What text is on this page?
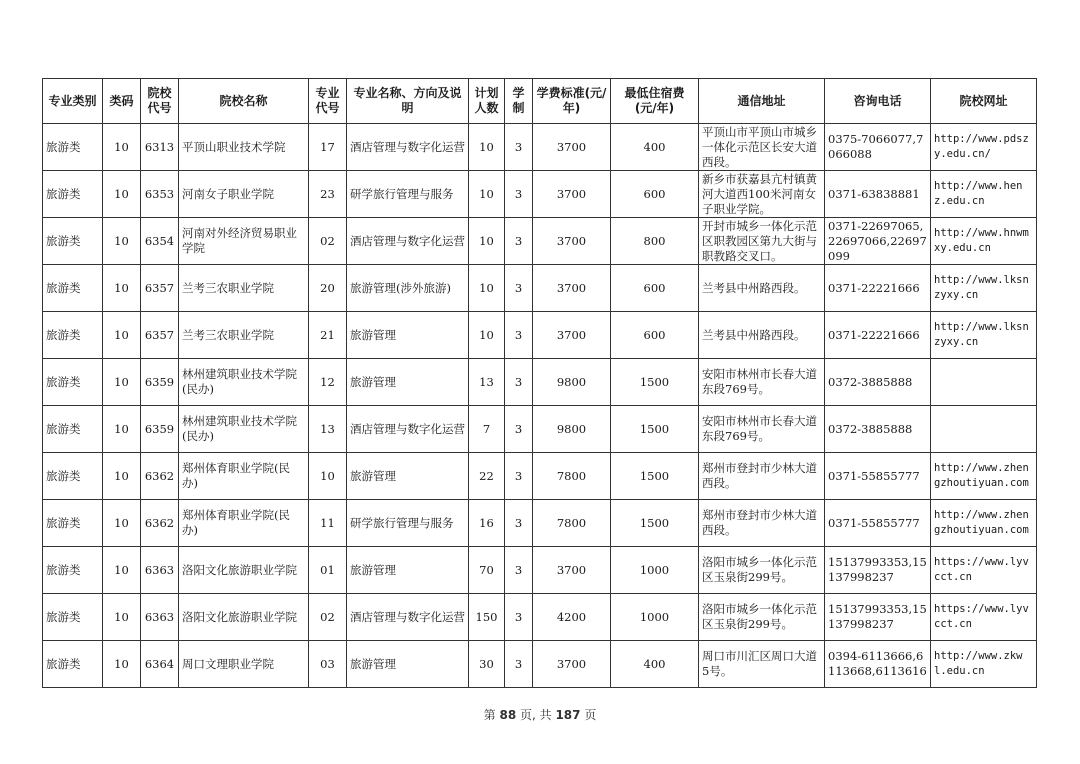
专业类别	类码	院校代号	院校名称	专业代号	专业名称、方向及说明	计划人数	学制	学费标准(元/年)	最低住宿费(元/年)	通信地址	咨询电话	院校网址
旅游类	10	6313	平顶山职业技术学院	17	酒店管理与数字化运营	10	3	3700	400	平顶山市平顶山市城乡一体化示范区长安大道西段。	0375-7066077,7066088	http://www.pdszy.edu.cn/
旅游类	10	6353	河南女子职业学院	23	研学旅行管理与服务	10	3	3700	600	新乡市获嘉县亢村镇黄河大道西100米河南女子职业学院。	0371-63838881	http://www.henz.edu.cn
旅游类	10	6354	河南对外经济贸易职业学院	02	酒店管理与数字化运营	10	3	3700	800	开封市城乡一体化示范区职教园区第九大街与职教路交叉口。	0371-22697065,22697066,22697099	http://www.hnwmxy.edu.cn
旅游类	10	6357	兰考三农职业学院	20	旅游管理(涉外旅游)	10	3	3700	600	兰考县中州路西段。	0371-22221666	http://www.lksnzyxy.cn
旅游类	10	6357	兰考三农职业学院	21	旅游管理	10	3	3700	600	兰考县中州路西段。	0371-22221666	http://www.lksnzyxy.cn
旅游类	10	6359	林州建筑职业技术学院(民办)	12	旅游管理	13	3	9800	1500	安阳市林州市长春大道东段769号。	0372-3885888	
旅游类	10	6359	林州建筑职业技术学院(民办)	13	酒店管理与数字化运营	7	3	9800	1500	安阳市林州市长春大道东段769号。	0372-3885888	
旅游类	10	6362	郑州体育职业学院(民办)	10	旅游管理	22	3	7800	1500	郑州市登封市少林大道西段。	0371-55855777	http://www.zhengzhoutiyuan.com
旅游类	10	6362	郑州体育职业学院(民办)	11	研学旅行管理与服务	16	3	7800	1500	郑州市登封市少林大道西段。	0371-55855777	http://www.zhengzhoutiyuan.com
旅游类	10	6363	洛阳文化旅游职业学院	01	旅游管理	70	3	3700	1000	洛阳市城乡一体化示范区玉泉街299号。	15137993353,15137998237	https://www.lyvcct.cn
旅游类	10	6363	洛阳文化旅游职业学院	02	酒店管理与数字化运营	150	3	4200	1000	洛阳市城乡一体化示范区玉泉街299号。	15137993353,15137998237	https://www.lyvcct.cn
旅游类	10	6364	周口文理职业学院	03	旅游管理	30	3	3700	400	周口市川汇区周口大道5号。	0394-6113666,6113668,6113616	http://www.zkwl.edu.cn
第 88 页, 共 187 页
